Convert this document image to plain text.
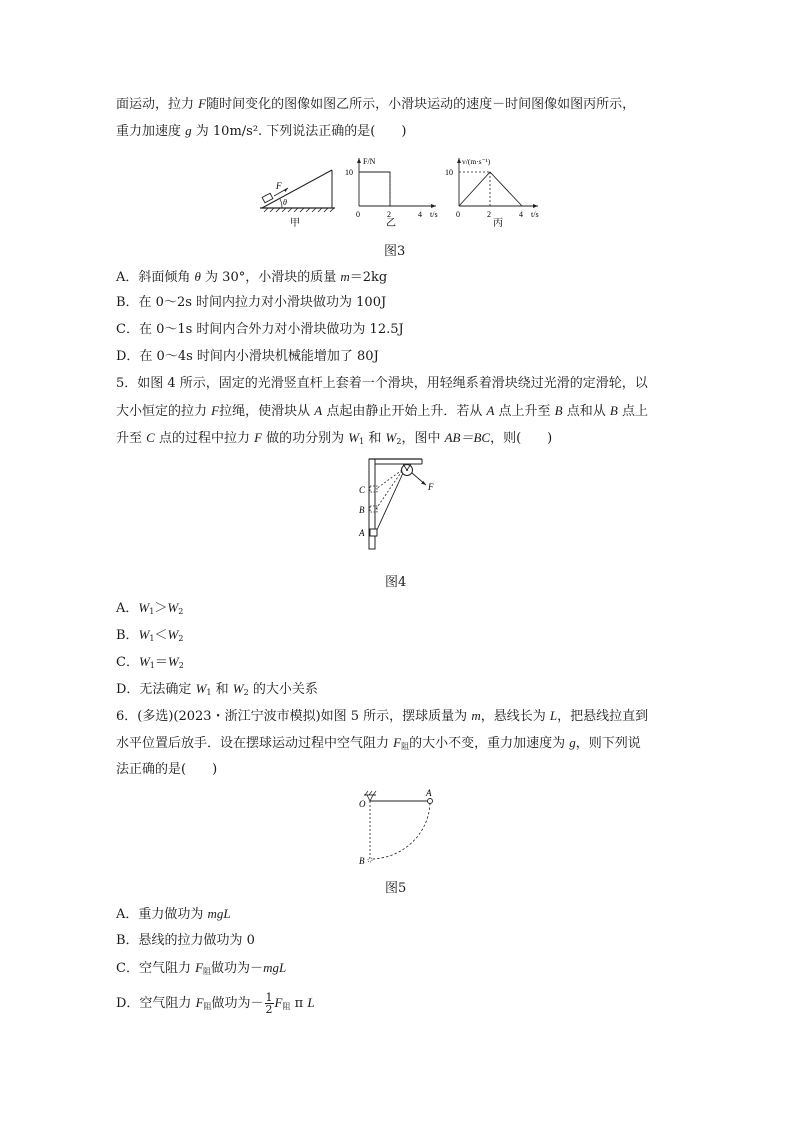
面运动，拉力 F随时间变化的图像如图乙所示，小滑块运动的速度－时间图像如图丙所示，
重力加速度 g 为 10m/s². 下列说法正确的是(　　)
F
θ
甲
F/N
10
0	2	4 t/s
乙
v/(m·s⁻¹)
10
0	2	4 t/s
丙
图3
A．斜面倾角 θ 为 30°，小滑块的质量 m＝2kg
B．在 0～2s 时间内拉力对小滑块做功为 100J
C．在 0～1s 时间内合外力对小滑块做功为 12.5J
D．在 0～4s 时间内小滑块机械能增加了 80J
5．如图 4 所示，固定的光滑竖直杆上套着一个滑块，用轻绳系着滑块绕过光滑的定滑轮，以
大小恒定的拉力 F拉绳，使滑块从 A 点起由静止开始上升．若从 A 点上升至 B 点和从 B 点上
升至 C 点的过程中拉力 F 做的功分别为 $W_1$ 和 $W_2$，图中 AB＝BC，则(　　)
C
B
A
F
图4
A．$W_1>W_2$
B．$W_1<W_2$
C．$W_1=W_2$
D．无法确定 $W_1$ 和 $W_2$ 的大小关系
6．(多选)(2023・浙江宁波市模拟)如图 5 所示，摆球质量为 m，悬线长为 L，把悬线拉直到
水平位置后放手．设在摆球运动过程中空气阻力 $F_阻$的大小不变，重力加速度为 g，则下列说
法正确的是(　　)
O
A
B
图5
A．重力做功为 mgL
B．悬线的拉力做功为 0
C．空气阻力 $F_阻$做功为－mgL
D．空气阻力 $F_阻$做功为－ $\frac{1}{2} F_阻$ π L
